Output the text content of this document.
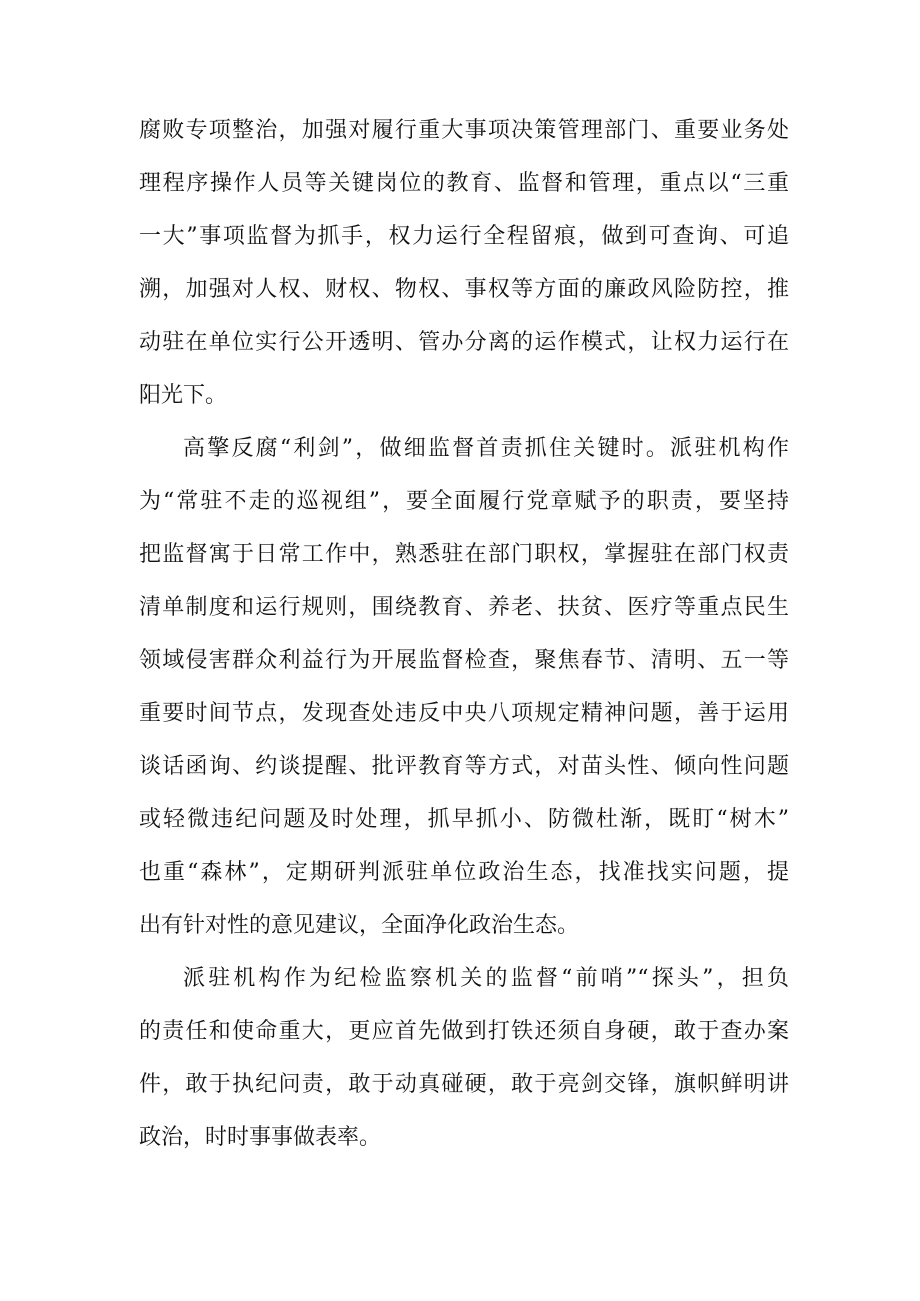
腐败专项整治，加强对履行重大事项决策管理部门、重要业务处
理程序操作人员等关键岗位的教育、监督和管理，重点以“三重
一大”事项监督为抓手，权力运行全程留痕，做到可查询、可追
溯，加强对人权、财权、物权、事权等方面的廉政风险防控，推
动驻在单位实行公开透明、管办分离的运作模式，让权力运行在
阳光下。
高擎反腐“利剑”，做细监督首责抓住关键时。派驻机构作
为“常驻不走的巡视组”，要全面履行党章赋予的职责，要坚持
把监督寓于日常工作中，熟悉驻在部门职权，掌握驻在部门权责
清单制度和运行规则，围绕教育、养老、扶贫、医疗等重点民生
领域侵害群众利益行为开展监督检查，聚焦春节、清明、五一等
重要时间节点，发现查处违反中央八项规定精神问题，善于运用
谈话函询、约谈提醒、批评教育等方式，对苗头性、倾向性问题
或轻微违纪问题及时处理，抓早抓小、防微杜渐，既盯“树木”
也重“森林”，定期研判派驻单位政治生态，找准找实问题，提
出有针对性的意见建议，全面净化政治生态。
派驻机构作为纪检监察机关的监督“前哨”“探头”，担负
的责任和使命重大，更应首先做到打铁还须自身硬，敢于查办案
件，敢于执纪问责，敢于动真碰硬，敢于亮剑交锋，旗帜鲜明讲
政治，时时事事做表率。
